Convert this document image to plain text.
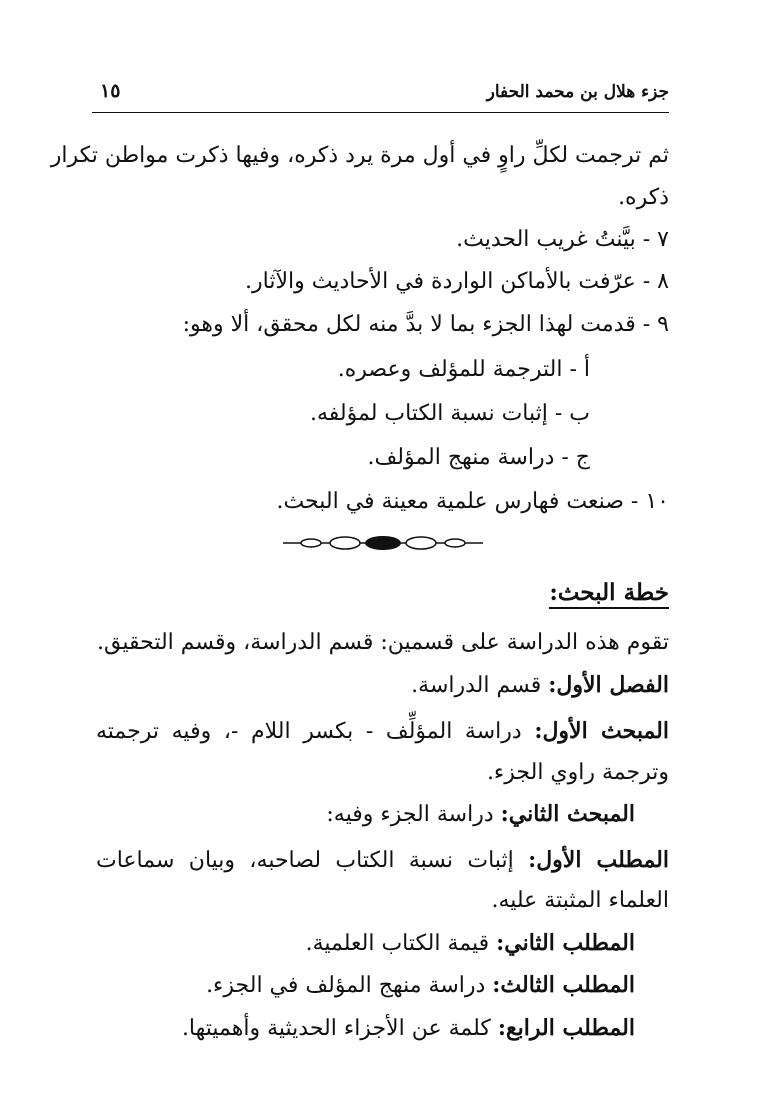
جزء هلال بن محمد الحفار
١٥
ثم ترجمت لكلِّ راوٍ في أول مرة يرد ذكره، وفيها ذكرت مواطن تكرار
ذكره.
٧ - بيَّنتُ غريب الحديث.
٨ - عرّفت بالأماكن الواردة في الأحاديث والآثار.
٩ - قدمت لهذا الجزء بما لا بدَّ منه لكل محقق، ألا وهو:
أ - الترجمة للمؤلف وعصره.
ب - إثبات نسبة الكتاب لمؤلفه.
ج - دراسة منهج المؤلف.
١٠ - صنعت فهارس علمية معينة في البحث.
خطة البحث:
تقوم هذه الدراسة على قسمين: قسم الدراسة، وقسم التحقيق.
الفصل الأول: قسم الدراسة.
المبحث الأول: دراسة المؤلِّف - بكسر اللام -، وفيه ترجمته
وترجمة راوي الجزء.
المبحث الثاني: دراسة الجزء وفيه:
المطلب الأول: إثبات نسبة الكتاب لصاحبه، وبيان سماعات
العلماء المثبتة عليه.
المطلب الثاني: قيمة الكتاب العلمية.
المطلب الثالث: دراسة منهج المؤلف في الجزء.
المطلب الرابع: كلمة عن الأجزاء الحديثية وأهميتها.
